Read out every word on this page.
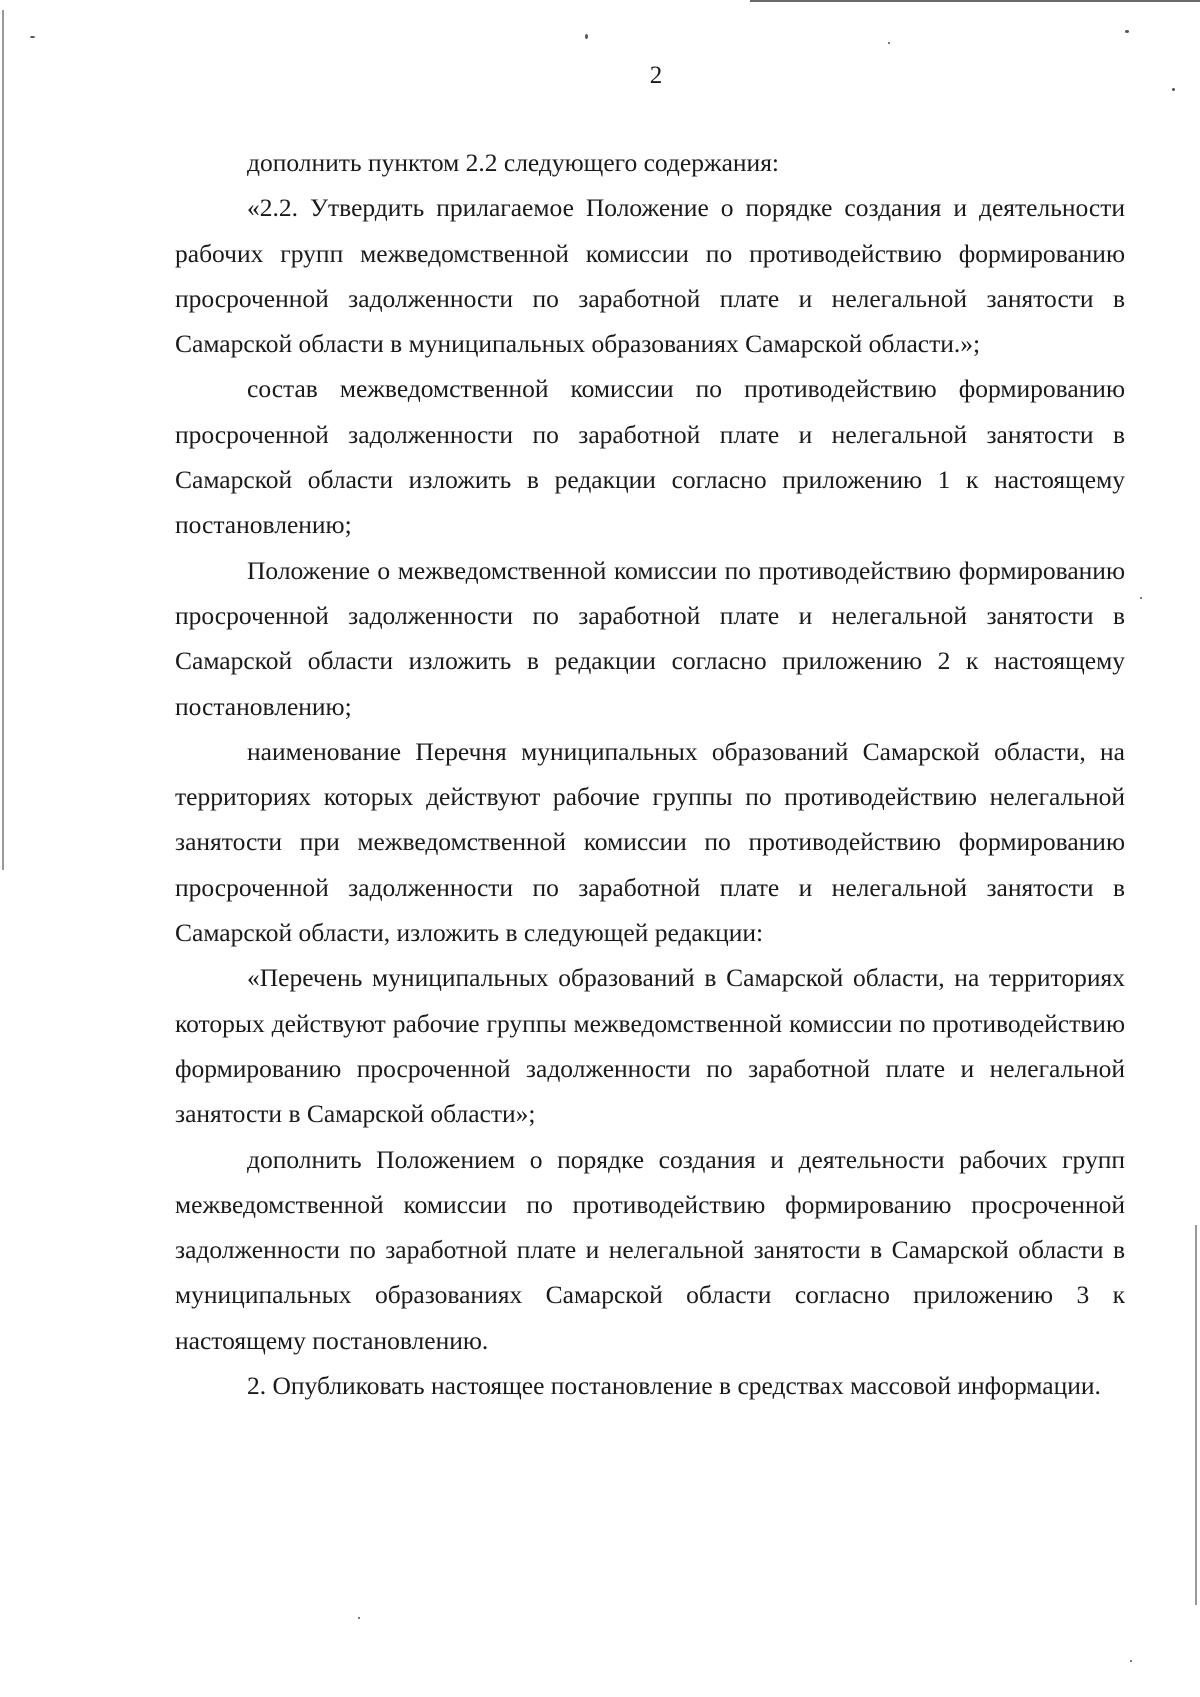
2

дополнить пунктом 2.2 следующего содержания:

«2.2. Утвердить прилагаемое Положение о порядке создания и деятельности рабочих групп межведомственной комиссии по противодействию формированию просроченной задолженности по заработной плате и нелегальной занятости в Самарской области в муниципальных образованиях Самарской области.»;

состав межведомственной комиссии по противодействию формированию просроченной задолженности по заработной плате и нелегальной занятости в Самарской области изложить в редакции согласно приложению 1 к настоящему постановлению;

Положение о межведомственной комиссии по противодействию формированию просроченной задолженности по заработной плате и нелегальной занятости в Самарской области изложить в редакции согласно приложению 2 к настоящему постановлению;

наименование Перечня муниципальных образований Самарской области, на территориях которых действуют рабочие группы по противодействию нелегальной занятости при межведомственной комиссии по противодействию формированию просроченной задолженности по заработной плате и нелегальной занятости в Самарской области, изложить в следующей редакции:

«Перечень муниципальных образований в Самарской области, на территориях которых действуют рабочие группы межведомственной комиссии по противодействию формированию просроченной задолженности по заработной плате и нелегальной занятости в Самарской области»;

дополнить Положением о порядке создания и деятельности рабочих групп межведомственной комиссии по противодействию формированию просроченной задолженности по заработной плате и нелегальной занятости в Самарской области в муниципальных образованиях Самарской области согласно приложению 3 к настоящему постановлению.

2. Опубликовать настоящее постановление в средствах массовой информации.
